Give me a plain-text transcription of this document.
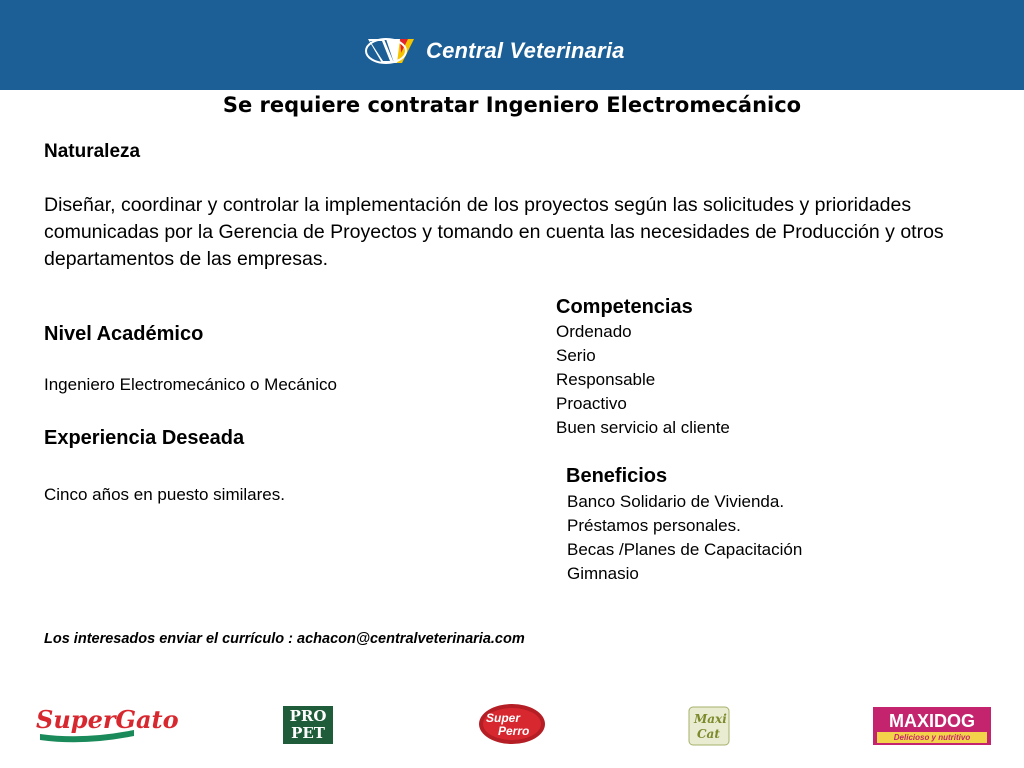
Central Veterinaria
Se requiere contratar Ingeniero Electromecánico
Naturaleza
Diseñar, coordinar y controlar la implementación de los proyectos según las solicitudes y prioridades comunicadas por la Gerencia de Proyectos y tomando en cuenta las necesidades de Producción y otros departamentos de las empresas.
Nivel Académico
Ingeniero Electromecánico o Mecánico
Experiencia Deseada
Cinco años en puesto similares.
Competencias
Ordenado
Serio
Responsable
Proactivo
Buen servicio al cliente
Beneficios
Banco Solidario de Vivienda.
Préstamos personales.
Becas /Planes de Capacitación
Gimnasio
Los interesados enviar el currículo : achacon@centralveterinaria.com
SuperGato	PRO
PET
Super
Perro
Maxi
Cat
MAXIDOG
Delicioso y nutritivo
